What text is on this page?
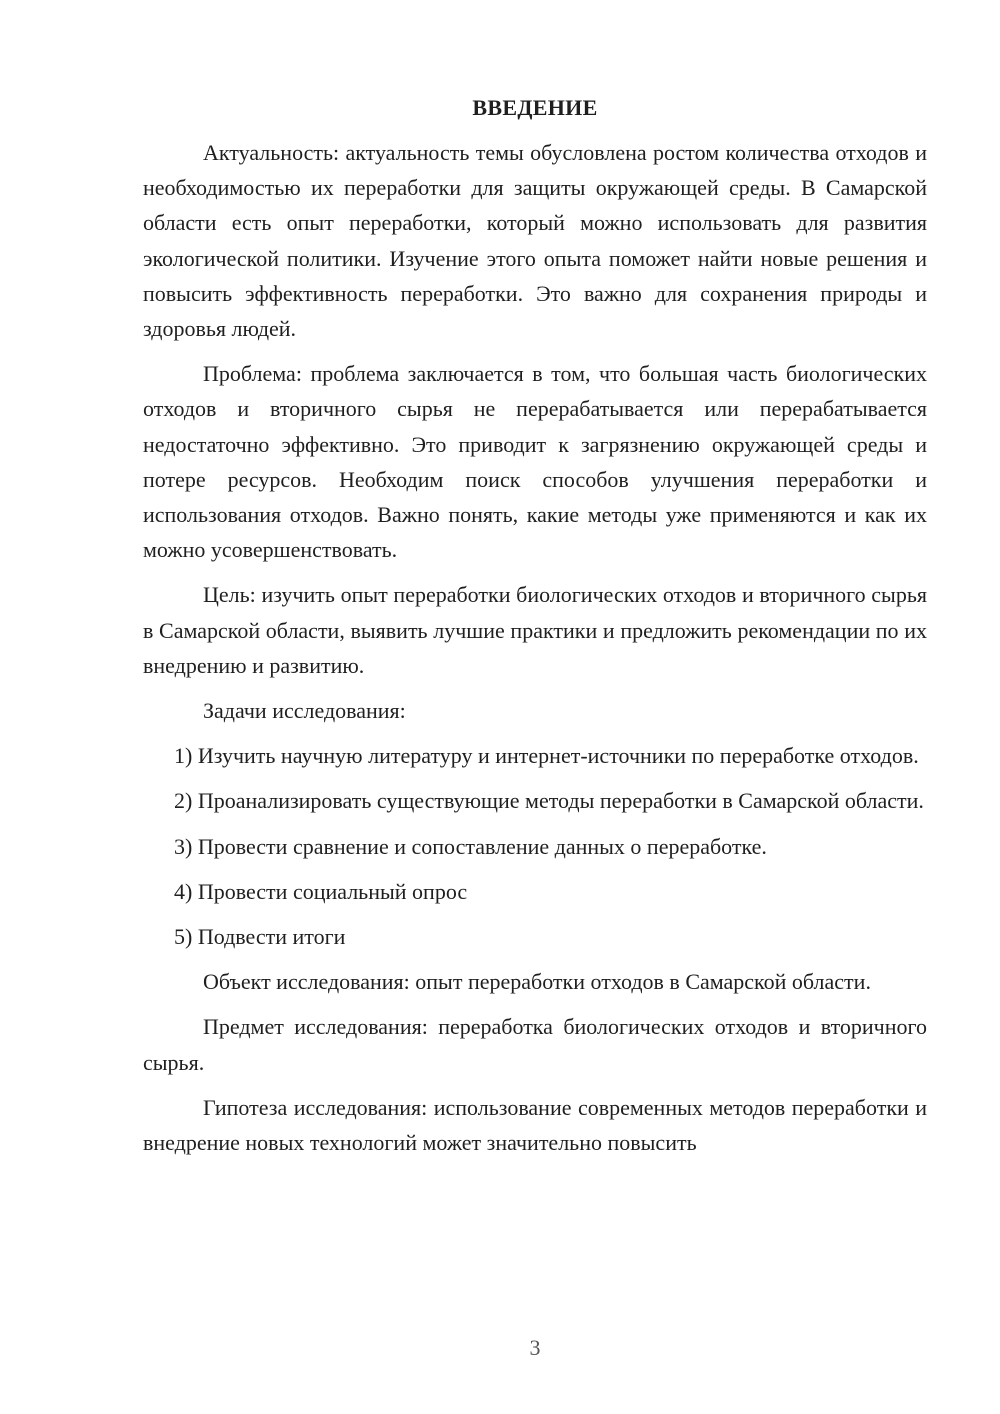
ВВЕДЕНИЕ

Актуальность: актуальность темы обусловлена ростом количества отходов и необходимостью их переработки для защиты окружающей среды. В Самарской области есть опыт переработки, который можно использовать для развития экологической политики. Изучение этого опыта поможет найти новые решения и повысить эффективность переработки. Это важно для сохранения природы и здоровья людей.

Проблема: проблема заключается в том, что большая часть биологических отходов и вторичного сырья не перерабатывается или перерабатывается недостаточно эффективно. Это приводит к загрязнению окружающей среды и потере ресурсов. Необходим поиск способов улучшения переработки и использования отходов. Важно понять, какие методы уже применяются и как их можно усовершенствовать.

Цель: изучить опыт переработки биологических отходов и вторичного сырья в Самарской области, выявить лучшие практики и предложить рекомендации по их внедрению и развитию.

Задачи исследования:

1) Изучить научную литературу и интернет-источники по переработке отходов.

2) Проанализировать существующие методы переработки в Самарской области.

3) Провести сравнение и сопоставление данных о переработке.

4) Провести социальный опрос

5) Подвести итоги

Объект исследования: опыт переработки отходов в Самарской области.

Предмет исследования: переработка биологических отходов и вторичного сырья.

Гипотеза исследования: использование современных методов переработки и внедрение новых технологий может значительно повысить

3
